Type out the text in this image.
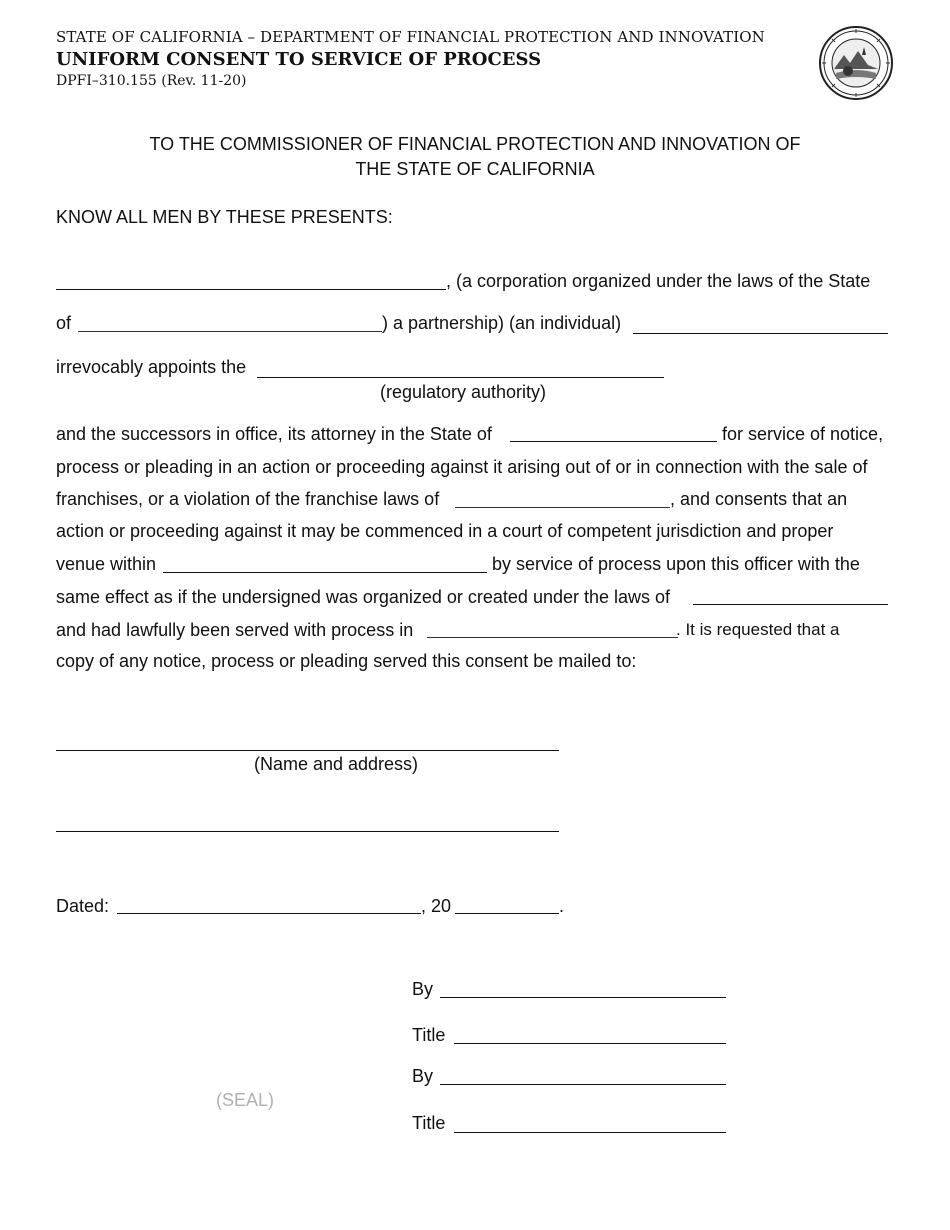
STATE OF CALIFORNIA – DEPARTMENT OF FINANCIAL PROTECTION AND INNOVATION
UNIFORM CONSENT TO SERVICE OF PROCESS
DPFI–310.155 (Rev. 11-20)
TO THE COMMISSIONER OF FINANCIAL PROTECTION AND INNOVATION OF
THE STATE OF CALIFORNIA
KNOW ALL MEN BY THESE PRESENTS:
, (a corporation organized under the laws of the State
of	) a partnership) (an individual)
irrevocably appoints the
(regulatory authority)
and the successors in office, its attorney in the State of	for service of notice,
process or pleading in an action or proceeding against it arising out of or in connection with the sale of
franchises, or a violation of the franchise laws of	, and consents that an
action or proceeding against it may be commenced in a court of competent jurisdiction and proper
venue within	by service of process upon this officer with the
same effect as if the undersigned was organized or created under the laws of
and had lawfully been served with process in	. It is requested that a
copy of any notice, process or pleading served this consent be mailed to:
(Name and address)
Dated:	, 20	.
By
Title
By
(SEAL)
Title
